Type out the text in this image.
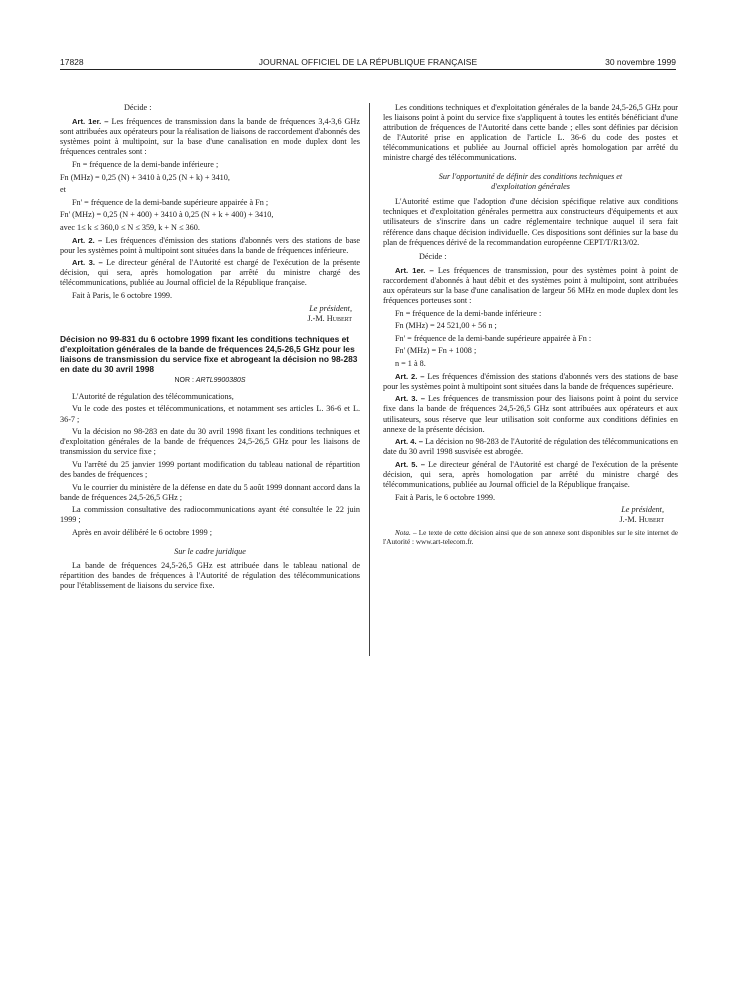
17828	JOURNAL OFFICIEL DE LA RÉPUBLIQUE FRANÇAISE	30 novembre 1999

Décide :

Art. 1er. – Les fréquences de transmission dans la bande de fréquences 3,4-3,6 GHz sont attribuées aux opérateurs pour la réalisation de liaisons de raccordement d'abonnés des systèmes point à multipoint, sur la base d'une canalisation en mode duplex dont les fréquences centrales sont :

Fn = fréquence de la demi-bande inférieure ;

Fn (MHz) = 0,25 (N) + 3410 à 0,25 (N + k) + 3410,

et

Fn' = fréquence de la demi-bande supérieure appairée à Fn ;

Fn' (MHz) = 0,25 (N + 400) + 3410 à 0,25 (N + k + 400) + 3410,

avec 1≤ k ≤ 360,0 ≤ N ≤ 359, k + N ≤ 360.

Art. 2. – Les fréquences d'émission des stations d'abonnés vers des stations de base pour les systèmes point à multipoint sont situées dans la bande de fréquences inférieure.

Art. 3. – Le directeur général de l'Autorité est chargé de l'exécution de la présente décision, qui sera, après homologation par arrêté du ministre chargé des télécommunications, publiée au Journal officiel de la République française.

Fait à Paris, le 6 octobre 1999.

Le président,

J.-M. Hubert

Décision no 99-831 du 6 octobre 1999 fixant les conditions techniques et d'exploitation générales de la bande de fréquences 24,5-26,5 GHz pour les liaisons de transmission du service fixe et abrogeant la décision no 98-283 en date du 30 avril 1998
NOR : ARTL9900380S

L'Autorité de régulation des télécommunications,

Vu le code des postes et télécommunications, et notamment ses articles L. 36-6 et L. 36-7 ;

Vu la décision no 98-283 en date du 30 avril 1998 fixant les conditions techniques et d'exploitation générales de la bande de fréquences 24,5-26,5 GHz pour les liaisons de transmission du service fixe ;

Vu l'arrêté du 25 janvier 1999 portant modification du tableau national de répartition des bandes de fréquences ;

Vu le courrier du ministère de la défense en date du 5 août 1999 donnant accord dans la bande de fréquences 24,5-26,5 GHz ;

La commission consultative des radiocommunications ayant été consultée le 22 juin 1999 ;

Après en avoir délibéré le 6 octobre 1999 ;

Sur le cadre juridique

La bande de fréquences 24,5-26,5 GHz est attribuée dans le tableau national de répartition des bandes de fréquences à l'Autorité de régulation des télécommunications pour l'établissement de liaisons du service fixe.

Les conditions techniques et d'exploitation générales de la bande 24,5-26,5 GHz pour les liaisons point à point du service fixe s'appliquent à toutes les entités bénéficiant d'une attribution de fréquences de l'Autorité dans cette bande ; elles sont définies par décision de l'Autorité prise en application de l'article L. 36-6 du code des postes et télécommunications et publiée au Journal officiel après homologation par arrêté du ministre chargé des télécommunications.

Sur l'opportunité de définir des conditions techniques et d'exploitation générales

L'Autorité estime que l'adoption d'une décision spécifique relative aux conditions techniques et d'exploitation générales permettra aux constructeurs d'équipements et aux utilisateurs de s'inscrire dans un cadre réglementaire technique auquel il sera fait référence dans chaque décision individuelle. Ces dispositions sont définies sur la base du plan de fréquences dérivé de la recommandation européenne CEPT/T/R13/02.

Décide :

Art. 1er. – Les fréquences de transmission, pour des systèmes point à point de raccordement d'abonnés à haut débit et des systèmes point à multipoint, sont attribuées aux opérateurs sur la base d'une canalisation de largeur 56 MHz en mode duplex dont les fréquences porteuses sont :

Fn = fréquence de la demi-bande inférieure :

Fn (MHz) = 24 521,00 + 56 n ;

Fn' = fréquence de la demi-bande supérieure appairée à Fn :

Fn' (MHz) = Fn + 1008 ;

n = 1 à 8.

Art. 2. – Les fréquences d'émission des stations d'abonnés vers des stations de base pour les systèmes point à multipoint sont situées dans la bande de fréquences supérieure.

Art. 3. – Les fréquences de transmission pour des liaisons point à point du service fixe dans la bande de fréquences 24,5-26,5 GHz sont attribuées aux opérateurs et aux utilisateurs, sous réserve que leur utilisation soit conforme aux conditions définies en annexe de la présente décision.

Art. 4. – La décision no 98-283 de l'Autorité de régulation des télécommunications en date du 30 avril 1998 susvisée est abrogée.

Art. 5. – Le directeur général de l'Autorité est chargé de l'exécution de la présente décision, qui sera, après homologation par arrêté du ministre chargé des télécommunications, publiée au Journal officiel de la République française.

Fait à Paris, le 6 octobre 1999.

Le président,

J.-M. Hubert

Nota. – Le texte de cette décision ainsi que de son annexe sont disponibles sur le site internet de l'Autorité : www.art-telecom.fr.
